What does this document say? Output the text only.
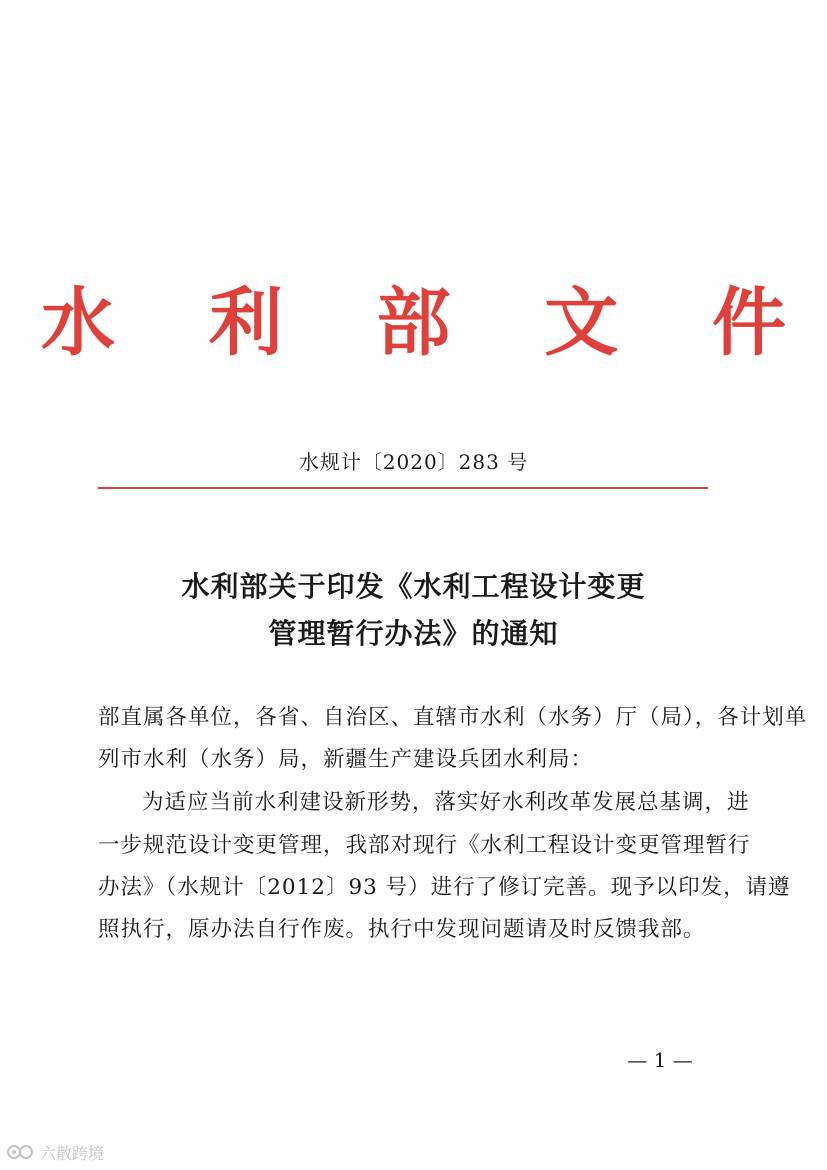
水 利 部 文 件
水规计〔2020〕283 号
水利部关于印发《水利工程设计变更
管理暂行办法》的通知
部直属各单位，各省、自治区、直辖市水利（水务）厅（局），各计划单
列市水利（水务）局，新疆生产建设兵团水利局：
为适应当前水利建设新形势，落实好水利改革发展总基调，进
一步规范设计变更管理，我部对现行《水利工程设计变更管理暂行
办法》（水规计〔2012〕93 号）进行了修订完善。现予以印发，请遵
照执行，原办法自行作废。执行中发现问题请及时反馈我部。
— 1 —
六散跨境
